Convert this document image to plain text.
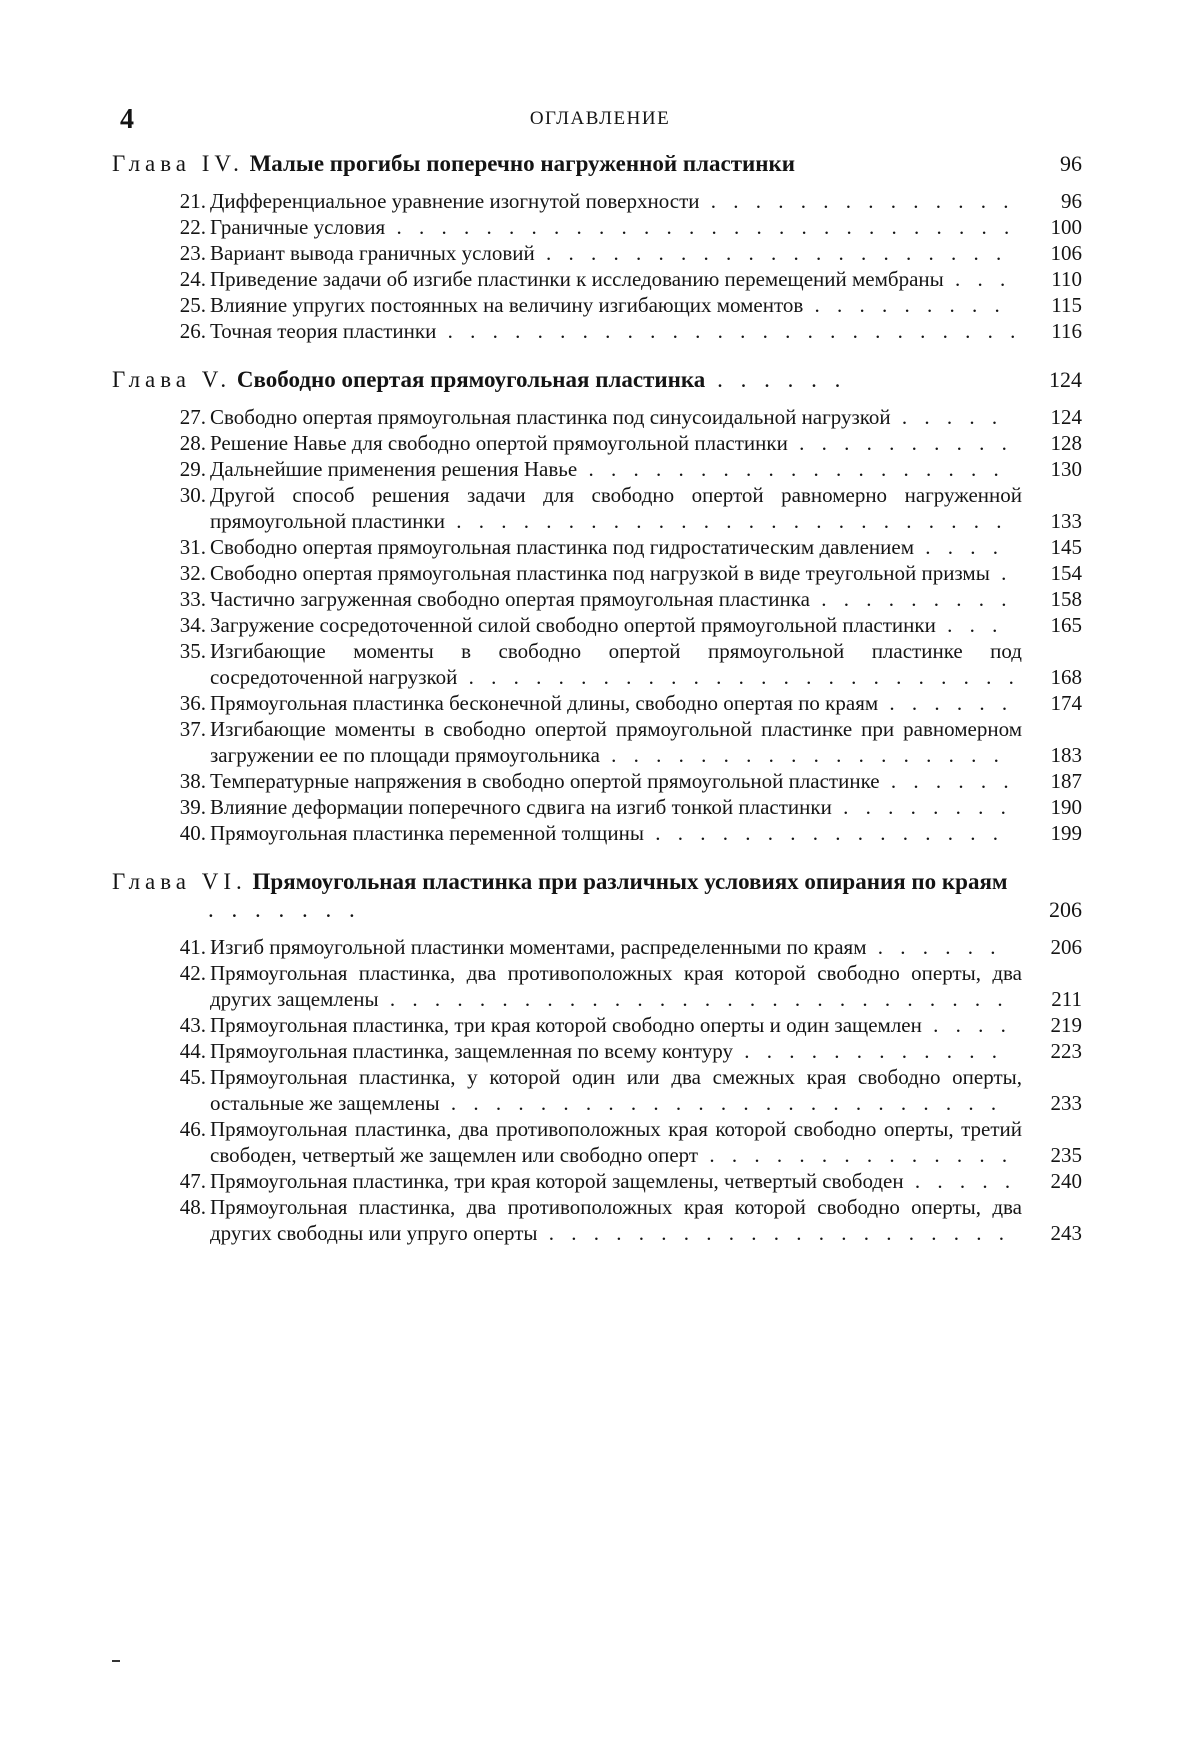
4	ОГЛАВЛЕНИЕ
Глава IV. Малые прогибы поперечно нагруженной пластинки	96
21. Дифференциальное уравнение изогнутой поверхности . . . . . . . . . . . . . .	96
22. Граничные условия . . . . . . . . . . . . . . . . . . . . . . . . . . . .	100
23. Вариант вывода граничных условий . . . . . . . . . . . . . . . . . . . . .	106
24. Приведение задачи об изгибе пластинки к исследованию перемещений мембраны . . .	110
25. Влияние упругих постоянных на величину изгибающих моментов . . . . . . . . .	115
26. Точная теория пластинки . . . . . . . . . . . . . . . . . . . . . . . . . .	116
Глава V. Свободно опертая прямоугольная пластинка . . . . . .	124
27. Свободно опертая прямоугольная пластинка под синусоидальной нагрузкой . . . . .	124
28. Решение Навье для свободно опертой прямоугольной пластинки . . . . . . . . . .	128
29. Дальнейшие применения решения Навье . . . . . . . . . . . . . . . . . . .	130
30. Другой способ решения задачи для свободно опертой равномерно нагруженной прямоугольной пластинки . . . . . . . . . . . . . . . . . . . . . . . . .	133
31. Свободно опертая прямоугольная пластинка под гидростатическим давлением . . . .	145
32. Свободно опертая прямоугольная пластинка под нагрузкой в виде треугольной призмы .	154
33. Частично загруженная свободно опертая прямоугольная пластинка . . . . . . . . .	158
34. Загружение сосредоточенной силой свободно опертой прямоугольной пластинки . . .	165
35. Изгибающие моменты в свободно опертой прямоугольной пластинке под сосредоточенной нагрузкой . . . . . . . . . . . . . . . . . . . . . . . . .	168
36. Прямоугольная пластинка бесконечной длины, свободно опертая по краям . . . . . .	174
37. Изгибающие моменты в свободно опертой прямоугольной пластинке при равномерном загружении ее по площади прямоугольника . . . . . . . . . . . . . . . . . .	183
38. Температурные напряжения в свободно опертой прямоугольной пластинке . . . . . .	187
39. Влияние деформации поперечного сдвига на изгиб тонкой пластинки . . . . . . . .	190
40. Прямоугольная пластинка переменной толщины . . . . . . . . . . . . . . . .	199
Глава VI. Прямоугольная пластинка при различных условиях опирания по краям . . . . . . .	206
41. Изгиб прямоугольной пластинки моментами, распределенными по краям . . . . . .	206
42. Прямоугольная пластинка, два противоположных края которой свободно оперты, два других защемлены . . . . . . . . . . . . . . . . . . . . . . . . . . . .	211
43. Прямоугольная пластинка, три края которой свободно оперты и один защемлен . . . .	219
44. Прямоугольная пластинка, защемленная по всему контуру . . . . . . . . . . . .	223
45. Прямоугольная пластинка, у которой один или два смежных края свободно оперты, остальные же защемлены . . . . . . . . . . . . . . . . . . . . . . . . .	233
46. Прямоугольная пластинка, два противоположных края которой свободно оперты, третий свободен, четвертый же защемлен или свободно оперт . . . . . . . . . . . . . .	235
47. Прямоугольная пластинка, три края которой защемлены, четвертый свободен . . . . .	240
48. Прямоугольная пластинка, два противоположных края которой свободно оперты, два других свободны или упруго оперты . . . . . . . . . . . . . . . . . . . . .	243
